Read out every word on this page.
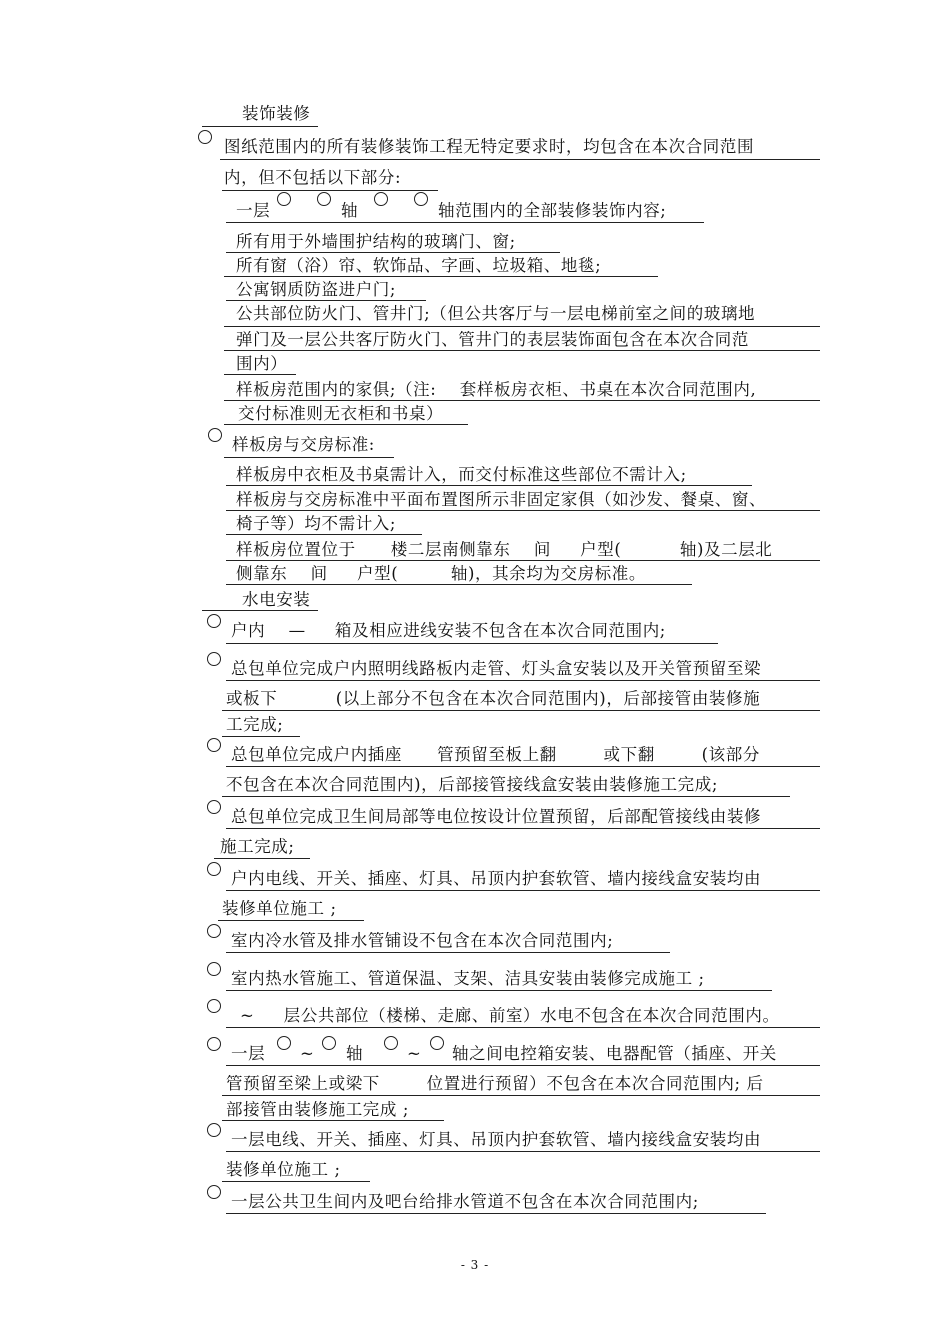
装饰装修

图纸范围内的所有装修装饰工程无特定要求时，均包含在本次合同范围

内，但不包括以下部分:

一层	轴	轴范围内的全部装修装饰内容;

所有用于外墙围护结构的玻璃门、窗;

所有窗（浴）帘、软饰品、字画、垃圾箱、地毯;

公寓钢质防盗进户门;

公共部位防火门、管井门;（但公共客厅与一层电梯前室之间的玻璃地

弹门及一层公共客厅防火门、管井门的表层装饰面包含在本次合同范

围内）

样板房范围内的家俱;（注:    套样板房衣柜、书桌在本次合同范围内,

交付标准则无衣柜和书桌）

样板房与交房标准:

样板房中衣柜及书桌需计入，而交付标准这些部位不需计入;

样板房与交房标准中平面布置图所示非固定家俱（如沙发、餐桌、窗、

椅子等）均不需计入;

样板房位置位于      楼二层南侧靠东    间     户型(          轴)及二层北

侧靠东    间     户型(         轴)，其余均为交房标准。

水电安装

户内    —     箱及相应进线安装不包含在本次合同范围内;

总包单位完成户内照明线路板内走管、灯头盒安装以及开关管预留至梁

或板下          (以上部分不包含在本次合同范围内)，后部接管由装修施

工完成;

总包单位完成户内插座      管预留至板上翻        或下翻        (该部分

不包含在本次合同范围内)，后部接管接线盒安装由装修施工完成;

总包单位完成卫生间局部等电位按设计位置预留，后部配管接线由装修

施工完成;

户内电线、开关、插座、灯具、吊顶内护套软管、墙内接线盒安装均由

装修单位施工 ;

室内冷水管及排水管铺设不包含在本次合同范围内;

室内热水管施工、管道保温、支架、洁具安装由装修完成施工 ;

~     层公共部位（楼梯、走廊、前室）水电不包含在本次合同范围内。

一层 ~ 轴	~ 轴之间电控箱安装、电器配管（插座、开关

管预留至梁上或梁下        位置进行预留）不包含在本次合同范围内; 后

部接管由装修施工完成 ;

一层电线、开关、插座、灯具、吊顶内护套软管、墙内接线盒安装均由

装修单位施工 ;

一层公共卫生间内及吧台给排水管道不包含在本次合同范围内;

- 3 -
